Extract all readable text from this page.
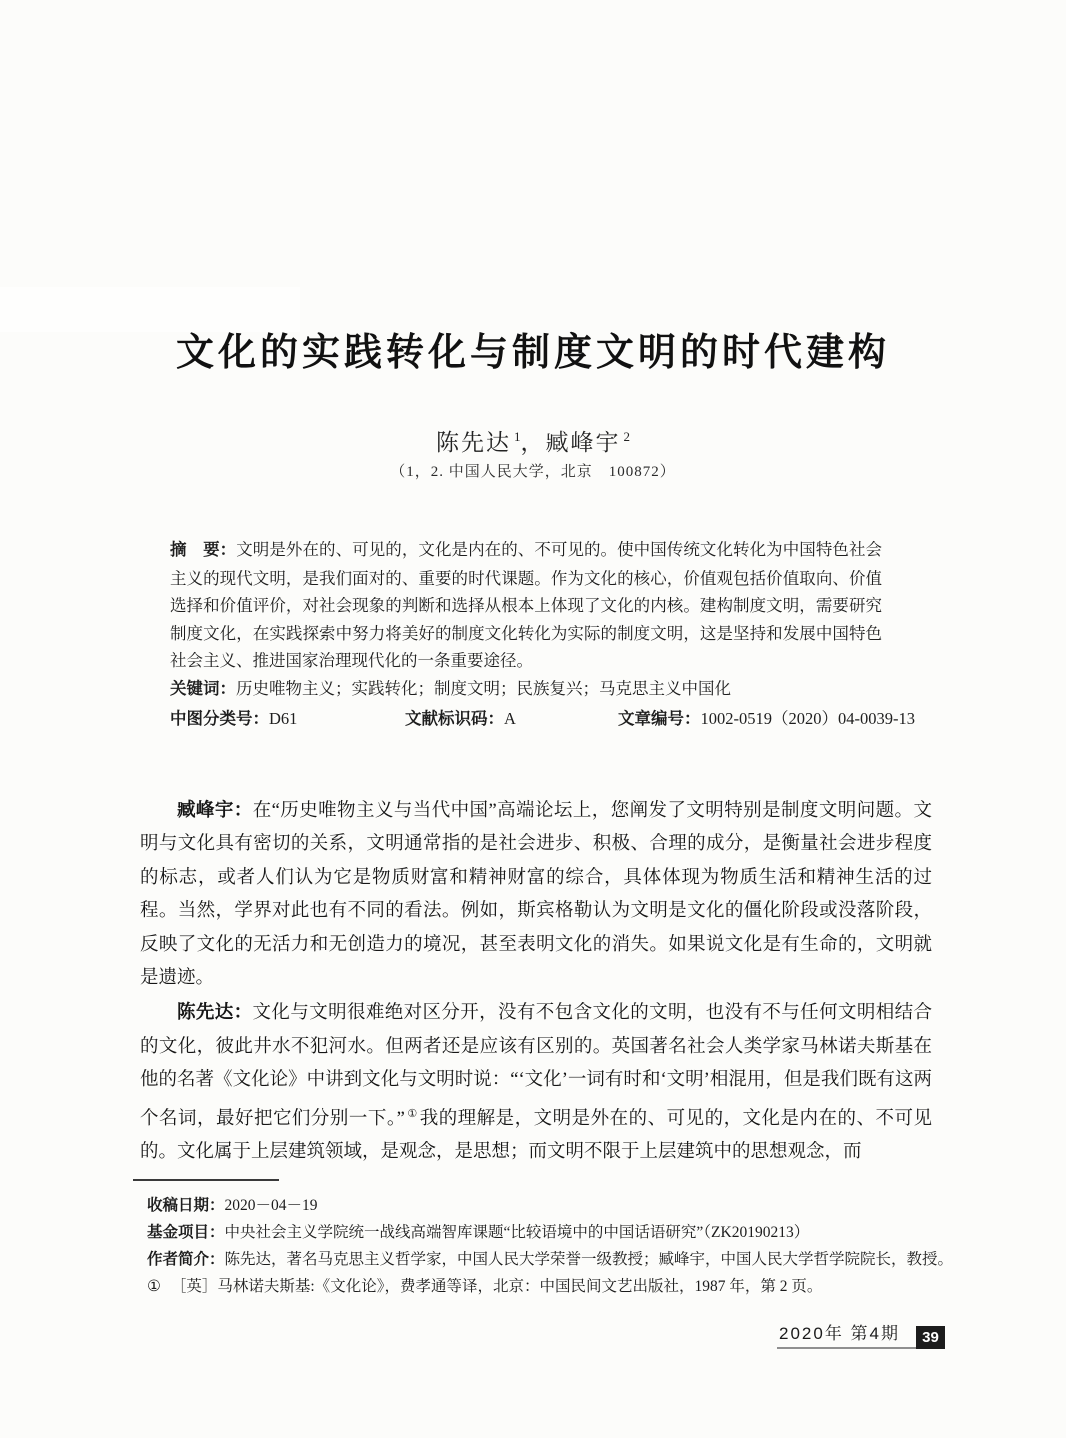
文化的实践转化与制度文明的时代建构
陈先达 $^1$，臧峰宇 $^2$
（1，2. 中国人民大学，北京　100872）

摘　要：文明是外在的、可见的，文化是内在的、不可见的。使中国传统文化转化为中国特色社会主义的现代文明，是我们面对的、重要的时代课题。作为文化的核心，价值观包括价值取向、价值选择和价值评价，对社会现象的判断和选择从根本上体现了文化的内核。建构制度文明，需要研究制度文化，在实践探索中努力将美好的制度文化转化为实际的制度文明，这是坚持和发展中国特色社会主义、推进国家治理现代化的一条重要途径。

关键词：历史唯物主义；实践转化；制度文明；民族复兴；马克思主义中国化

中图分类号：D61	文献标识码：A	文章编号：1002-0519（2020）04-0039-13

臧峰宇：在“历史唯物主义与当代中国”高端论坛上，您阐发了文明特别是制度文明问题。文明与文化具有密切的关系，文明通常指的是社会进步、积极、合理的成分，是衡量社会进步程度的标志，或者人们认为它是物质财富和精神财富的综合，具体体现为物质生活和精神生活的过程。当然，学界对此也有不同的看法。例如，斯宾格勒认为文明是文化的僵化阶段或没落阶段，反映了文化的无活力和无创造力的境况，甚至表明文化的消失。如果说文化是有生命的，文明就是遗迹。

陈先达：文化与文明很难绝对区分开，没有不包含文化的文明，也没有不与任何文明相结合的文化，彼此井水不犯河水。但两者还是应该有区别的。英国著名社会人类学家马林诺夫斯基在他的名著《文化论》中讲到文化与文明时说：“‘文化’一词有时和‘文明’相混用，但是我们既有这两个名词，最好把它们分别一下。” ① 我的理解是，文明是外在的、可见的，文化是内在的、不可见的。文化属于上层建筑领域，是观念，是思想；而文明不限于上层建筑中的思想观念，而

收稿日期：2020－04－19

基金项目：中央社会主义学院统一战线高端智库课题“比较语境中的中国话语研究”（ZK20190213）

作者简介：陈先达，著名马克思主义哲学家，中国人民大学荣誉一级教授；臧峰宇，中国人民大学哲学院院长，教授。

① ［英］马林诺夫斯基:《文化论》，费孝通等译，北京：中国民间文艺出版社，1987 年，第 2 页。

2020年 第4期	39
